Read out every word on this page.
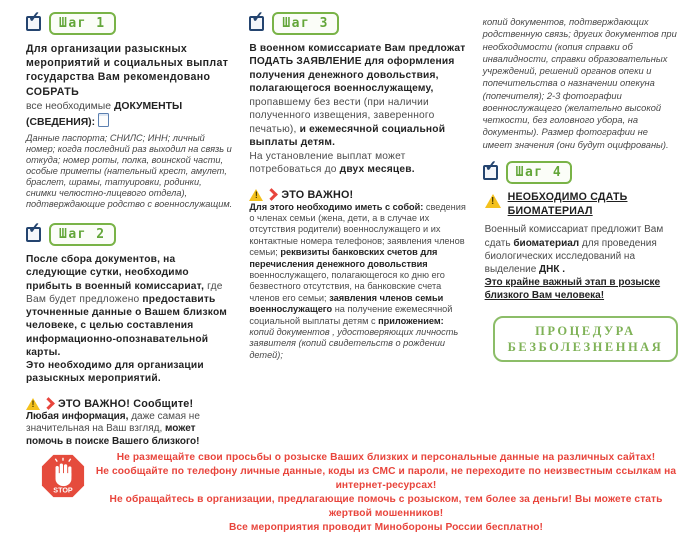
✓	Шаг 1

Для организации разыскных мероприятий и социальных выплат государства Вам рекомендовано СОБРАТЬ

все необходимые ДОКУМЕНТЫ (СВЕДЕНИЯ):

Данные паспорта; СНИЛС; ИНН; личный номер; когда последний раз выходил на связь и откуда; номер роты, полка, воинской части, особые приметы (нательный крест, амулет, браслет, шрамы, татуировки, родинки, снимки челюстно-лицевого отдела), подтверждающие родство с военнослужащим.

✓	Шаг 2

После сбора документов, на следующие сутки, необходимо прибыть в военный комиссариат, где Вам будет предложено предоставить уточненные данные о Вашем близком человеке, с целью составления информационно-опознавательной карты.
Это необходимо для организации разыскных мероприятий.

! ЭТО ВАЖНО! Сообщите!

Любая информация, даже самая не значительная на Ваш взгляд, может помочь в поиске Вашего близкого!

✓	Шаг 3

В военном комиссариате Вам предложат ПОДАТЬ ЗАЯВЛЕНИЕ для оформления получения денежного довольствия, полагающегося военнослужащему, пропавшему без вести (при наличии полученного извещения, заверенного печатью), и ежемесячной социальной выплаты детям.
На установление выплат может потребоваться до двух месяцев.

! ЭТО ВАЖНО!

Для этого необходимо иметь с собой: сведения о членах семьи (жена, дети, а в случае их отсутствия родители) военнослужащего и их контактные номера телефонов; заявления членов семьи; реквизиты банковских счетов для перечисления денежного довольствия военнослужащего, полагающегося ко дню его безвестного отсутствия, на банковские счета членов его семьи; заявления членов семьи военнослужащего на получение ежемесячной социальной выплаты детям с приложением:
копий документов , удостоверяющих личность заявителя (копий свидетельств о рождении детей);

копий документов, подтверждающих родственную связь; других документов при необходимости (копия справки об инвалидности, справки образовательных учреждений, решений органов опеки и попечительства о назначении опекуна (попечителя); 2-3 фотографии военнослужащего (желательно высокой четкости, без головного убора, на документы). Размер фотографии не имеет значения (они будут оцифрованы).

✓	Шаг 4
! НЕОБХОДИМО СДАТЬ БИОМАТЕРИАЛ

Военный комиссариат предложит Вам сдать биоматериал для проведения биологических исследований на выделение ДНК .
Это крайне важный этап в розыске близкого Вам человека!

ПРОЦЕДУРА
БЕЗБОЛЕЗНЕННАЯ
STOP
Не размещайте свои просьбы о розыске Ваших близких и персональные данные на различных сайтах!
Не сообщайте по телефону личные данные, коды из СМС и пароли, не переходите по неизвестным ссылкам на интернет-ресурсах!
Не обращайтесь в организации, предлагающие помочь с розыском, тем более за деньги! Вы можете стать жертвой мошенников!
Все мероприятия проводит Минобороны России бесплатно!
